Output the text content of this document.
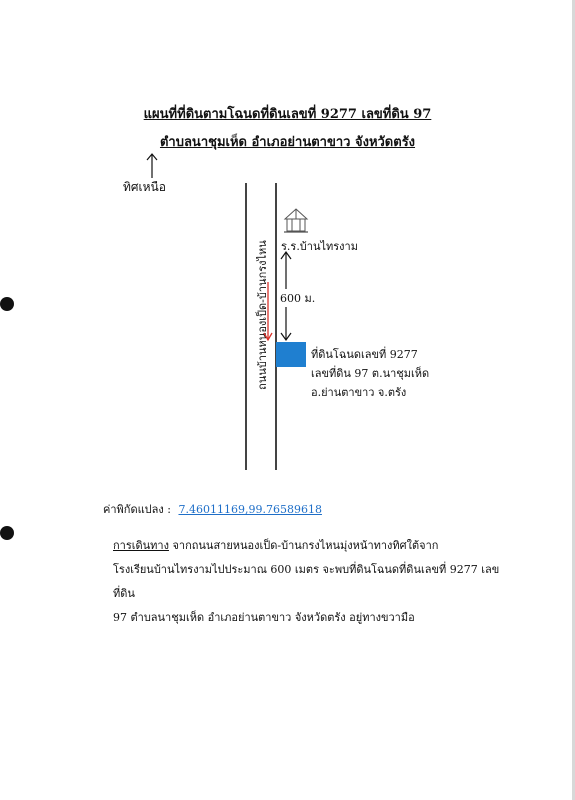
แผนที่ที่ดินตามโฉนดที่ดินเลขที่ 9277 เลขที่ดิน 97
ตำบลนาชุมเห็ด อำเภอย่านตาขาว จังหวัดตรัง
ทิศเหนือ
ถนนบ้านหนองเป็ด-บ้านกรงไหน ร.ร.บ้านไทรงาม
600 ม.
ที่ดินโฉนดเลขที่ 9277
เลขที่ดิน 97 ต.นาชุมเห็ด
อ.ย่านตาขาว จ.ตรัง
ค่าพิกัดแปลง : 7.46011169,99.76589618
การเดินทาง จากถนนสายหนองเป็ด-บ้านกรงไหนมุ่งหน้าทางทิศใต้จาก
โรงเรียนบ้านไทรงามไปประมาณ 600 เมตร จะพบที่ดินโฉนดที่ดินเลขที่ 9277 เลขที่ดิน
97 ตำบลนาชุมเห็ด อำเภอย่านตาขาว จังหวัดตรัง อยู่ทางขวามือ
